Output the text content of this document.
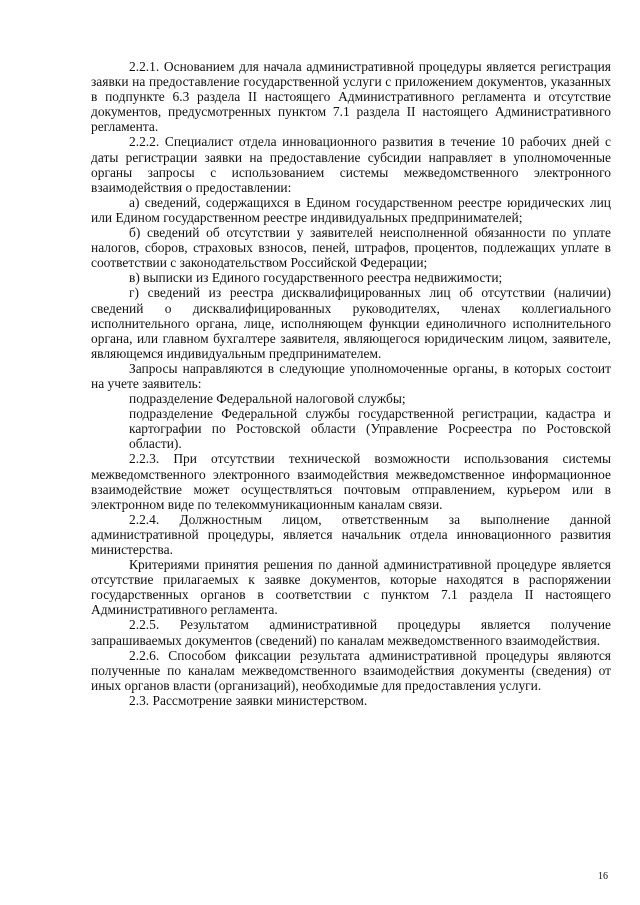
2.2.1. Основанием для начала административной процедуры является регистрация заявки на предоставление государственной услуги с приложением документов, указанных в подпункте 6.3 раздела II настоящего Административного регламента и отсутствие документов, предусмотренных пунктом 7.1 раздела II настоящего Административного регламента.

2.2.2. Специалист отдела инновационного развития в течение 10 рабочих дней с даты регистрации заявки на предоставление субсидии направляет в уполномоченные органы запросы с использованием системы межведомственного электронного взаимодействия о предоставлении:

а) сведений, содержащихся в Едином государственном реестре юридических лиц или Едином государственном реестре индивидуальных предпринимателей;

б) сведений об отсутствии у заявителей неисполненной обязанности по уплате налогов, сборов, страховых взносов, пеней, штрафов, процентов, подлежащих уплате в соответствии с законодательством Российской Федерации;

в) выписки из Единого государственного реестра недвижимости;

г) сведений из реестра дисквалифицированных лиц об отсутствии (наличии) сведений о дисквалифицированных руководителях, членах коллегиального исполнительного органа, лице, исполняющем функции единоличного исполнительного органа, или главном бухгалтере заявителя, являющегося юридическим лицом, заявителе, являющемся индивидуальным предпринимателем.

Запросы направляются в следующие уполномоченные органы, в которых состоит на учете заявитель:

подразделение Федеральной налоговой службы;

подразделение Федеральной службы государственной регистрации, кадастра и картографии по Ростовской области (Управление Росреестра по Ростовской области).

2.2.3. При отсутствии технической возможности использования системы межведомственного электронного взаимодействия межведомственное информационное взаимодействие может осуществляться почтовым отправлением, курьером или в электронном виде по телекоммуникационным каналам связи.

2.2.4. Должностным лицом, ответственным за выполнение данной административной процедуры, является начальник отдела инновационного развития министерства.

Критериями принятия решения по данной административной процедуре является отсутствие прилагаемых к заявке документов, которые находятся в распоряжении государственных органов в соответствии с пунктом 7.1 раздела II настоящего Административного регламента.

2.2.5. Результатом административной процедуры является получение запрашиваемых документов (сведений) по каналам межведомственного взаимодействия.

2.2.6. Способом фиксации результата административной процедуры являются полученные по каналам межведомственного взаимодействия документы (сведения) от иных органов власти (организаций), необходимые для предоставления услуги.

2.3. Рассмотрение заявки министерством.

16
